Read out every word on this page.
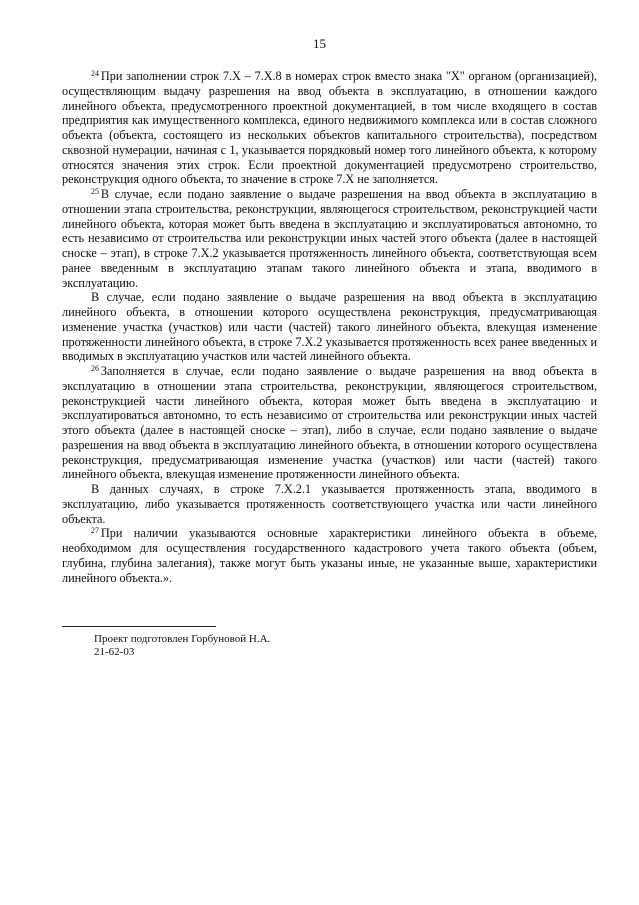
15

$^{24}$ При заполнении строк 7.X – 7.X.8 в номерах строк вместо знака "X" органом (организацией), осуществляющим выдачу разрешения на ввод объекта в эксплуатацию, в отношении каждого линейного объекта, предусмотренного проектной документацией, в том числе входящего в состав предприятия как имущественного комплекса, единого недвижимого комплекса или в состав сложного объекта (объекта, состоящего из нескольких объектов капитального строительства), посредством сквозной нумерации, начиная с 1, указывается порядковый номер того линейного объекта, к которому относятся значения этих строк. Если проектной документацией предусмотрено строительство, реконструкция одного объекта, то значение в строке 7.X не заполняется.

$^{25}$ В случае, если подано заявление о выдаче разрешения на ввод объекта в эксплуатацию в отношении этапа строительства, реконструкции, являющегося строительством, реконструкцией части линейного объекта, которая может быть введена в эксплуатацию и эксплуатироваться автономно, то есть независимо от строительства или реконструкции иных частей этого объекта (далее в настоящей сноске – этап), в строке 7.X.2 указывается протяженность линейного объекта, соответствующая всем ранее введенным в эксплуатацию этапам такого линейного объекта и этапа, вводимого в эксплуатацию.

В случае, если подано заявление о выдаче разрешения на ввод объекта в эксплуатацию линейного объекта, в отношении которого осуществлена реконструкция, предусматривающая изменение участка (участков) или части (частей) такого линейного объекта, влекущая изменение протяженности линейного объекта, в строке 7.X.2 указывается протяженность всех ранее введенных и вводимых в эксплуатацию участков или частей линейного объекта.

$^{26}$ Заполняется в случае, если подано заявление о выдаче разрешения на ввод объекта в эксплуатацию в отношении этапа строительства, реконструкции, являющегося строительством, реконструкцией части линейного объекта, которая может быть введена в эксплуатацию и эксплуатироваться автономно, то есть независимо от строительства или реконструкции иных частей этого объекта (далее в настоящей сноске – этап), либо в случае, если подано заявление о выдаче разрешения на ввод объекта в эксплуатацию линейного объекта, в отношении которого осуществлена реконструкция, предусматривающая изменение участка (участков) или части (частей) такого линейного объекта, влекущая изменение протяженности линейного объекта.

В данных случаях, в строке 7.X.2.1 указывается протяженность этапа, вводимого в эксплуатацию, либо указывается протяженность соответствующего участка или части линейного объекта.

$^{27}$ При наличии указываются основные характеристики линейного объекта в объеме, необходимом для осуществления государственного кадастрового учета такого объекта (объем, глубина, глубина залегания), также могут быть указаны иные, не указанные выше, характеристики линейного объекта.».

Проект подготовлен Горбуновой Н.А.
21-62-03
